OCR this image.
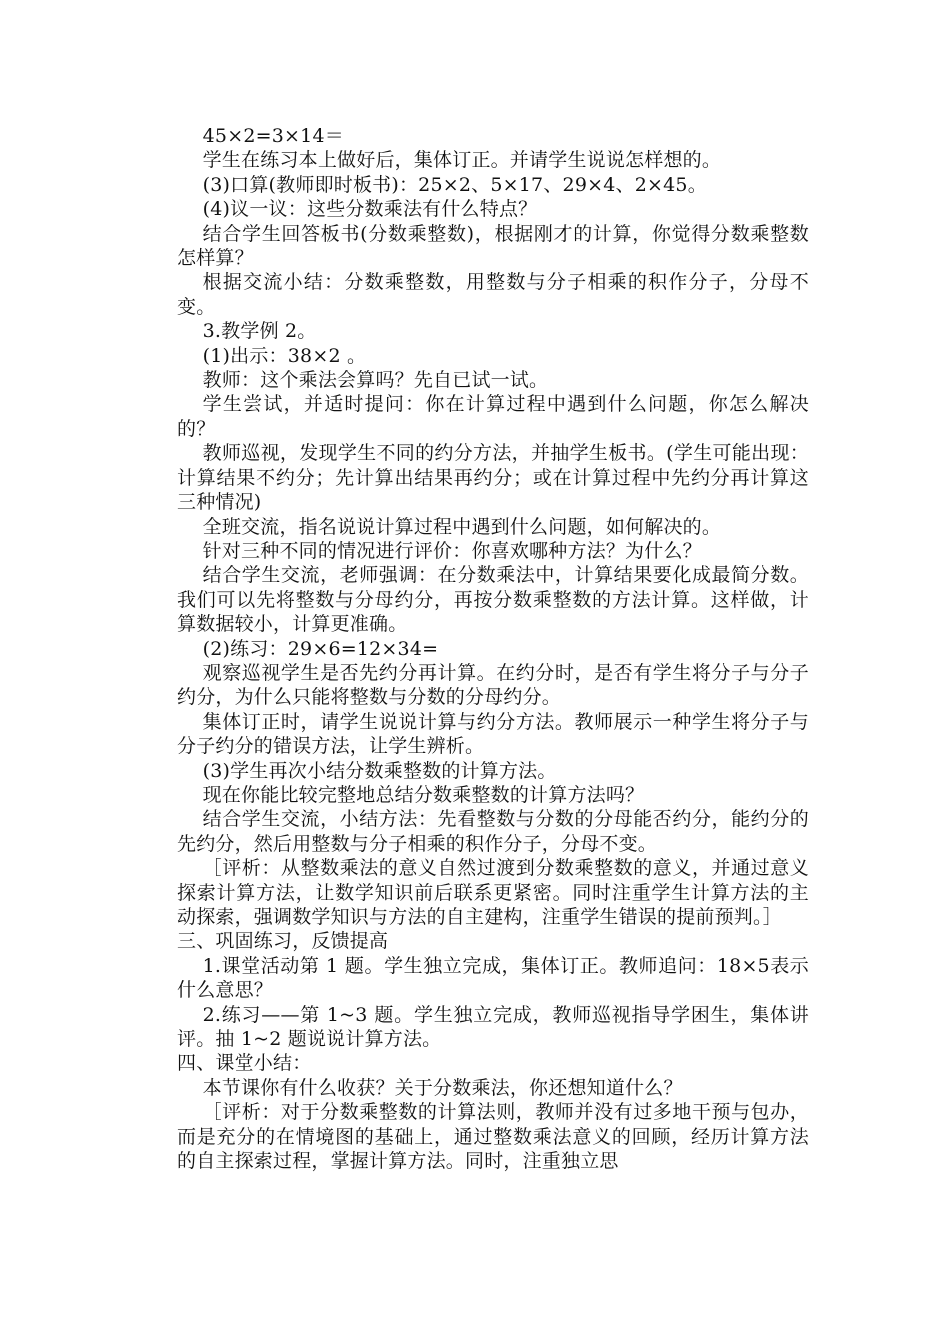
45×2=3×14＝

学生在练习本上做好后，集体订正。并请学生说说怎样想的。

(3)口算(教师即时板书)：25×2、5×17、29×4、2×45。

(4)议一议：这些分数乘法有什么特点？

结合学生回答板书(分数乘整数)，根据刚才的计算，你觉得分数乘整数怎样算？

根据交流小结：分数乘整数，用整数与分子相乘的积作分子，分母不变。

3.教学例 2。

(1)出示：38×2 。

教师：这个乘法会算吗？先自已试一试。

学生尝试，并适时提问：你在计算过程中遇到什么问题，你怎么解决的？

教师巡视，发现学生不同的约分方法，并抽学生板书。(学生可能出现：计算结果不约分；先计算出结果再约分；或在计算过程中先约分再计算这三种情况)

全班交流，指名说说计算过程中遇到什么问题，如何解决的。

针对三种不同的情况进行评价：你喜欢哪种方法？为什么？

结合学生交流，老师强调：在分数乘法中，计算结果要化成最简分数。我们可以先将整数与分母约分，再按分数乘整数的方法计算。这样做，计算数据较小，计算更准确。

(2)练习：29×6=12×34=

观察巡视学生是否先约分再计算。在约分时，是否有学生将分子与分子约分，为什么只能将整数与分数的分母约分。

集体订正时，请学生说说计算与约分方法。教师展示一种学生将分子与分子约分的错误方法，让学生辨析。

(3)学生再次小结分数乘整数的计算方法。

现在你能比较完整地总结分数乘整数的计算方法吗？

结合学生交流，小结方法：先看整数与分数的分母能否约分，能约分的先约分，然后用整数与分子相乘的积作分子，分母不变。

［评析：从整数乘法的意义自然过渡到分数乘整数的意义，并通过意义探索计算方法，让数学知识前后联系更紧密。同时注重学生计算方法的主动探索，强调数学知识与方法的自主建构，注重学生错误的提前预判。］

三、巩固练习，反馈提高

1.课堂活动第 1 题。学生独立完成，集体订正。教师追问：18×5表示什么意思？

2.练习——第 1~3 题。学生独立完成，教师巡视指导学困生，集体讲评。抽 1~2 题说说计算方法。

四、课堂小结：

本节课你有什么收获？关于分数乘法，你还想知道什么？

［评析：对于分数乘整数的计算法则，教师并没有过多地干预与包办，而是充分的在情境图的基础上，通过整数乘法意义的回顾，经历计算方法的自主探索过程，掌握计算方法。同时，注重独立思
